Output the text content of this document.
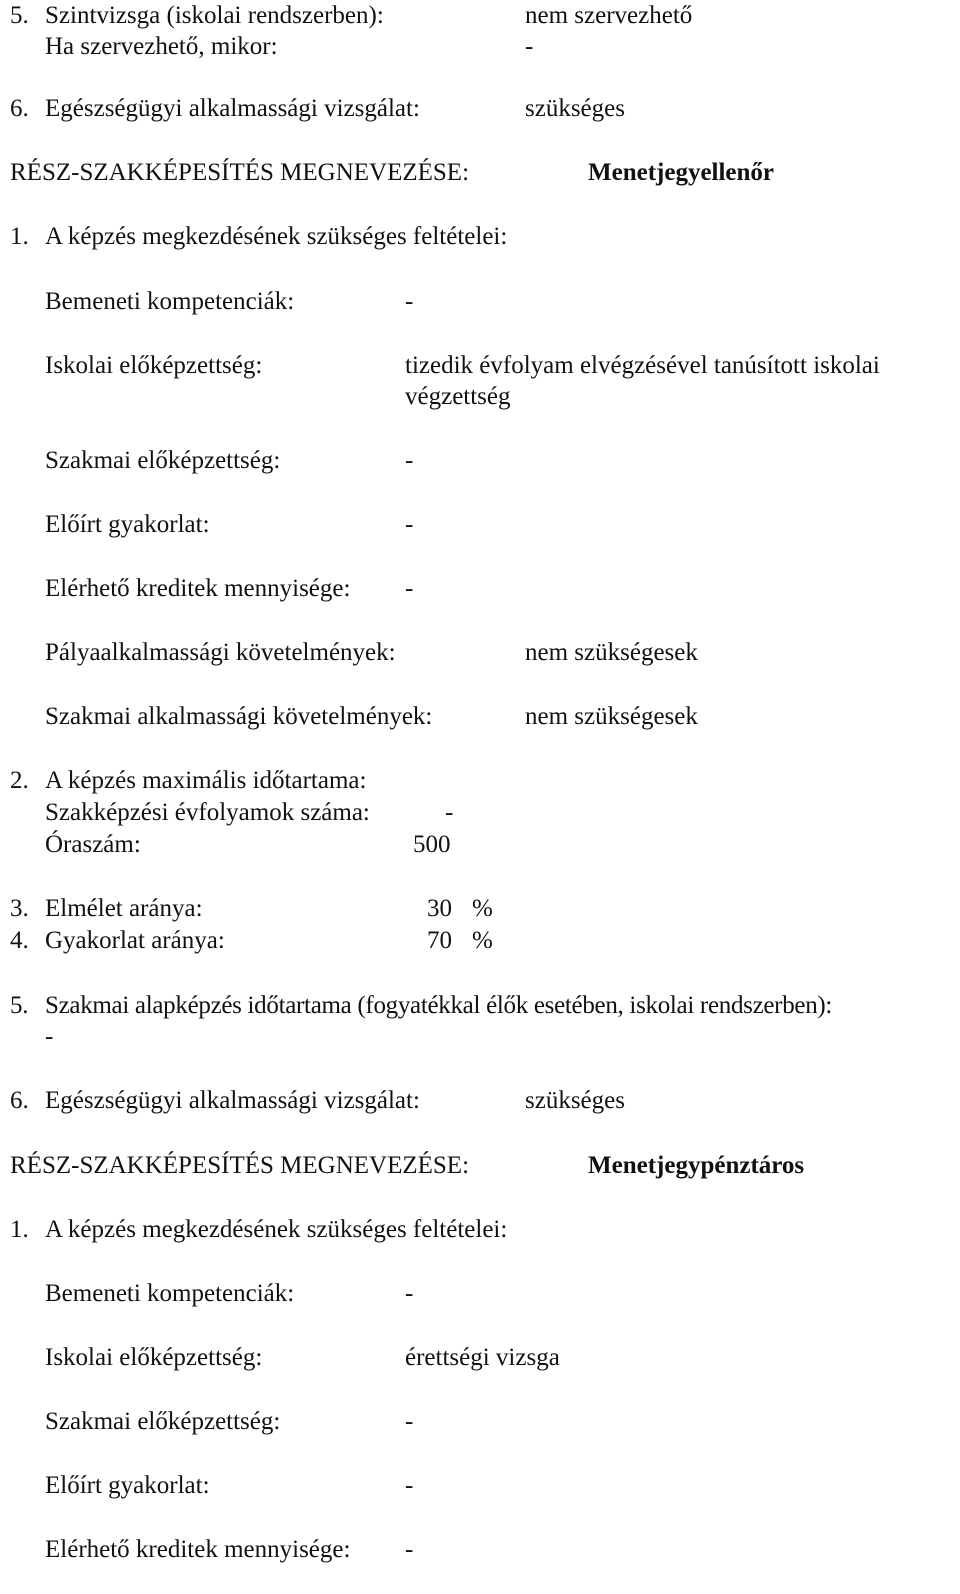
5. Szintvizsga (iskolai rendszerben):	nem szervezhető
Ha szervezhető, mikor:	-
6. Egészségügyi alkalmassági vizsgálat:	szükséges
RÉSZ-SZAKKÉPESÍTÉS MEGNEVEZÉSE:	Menetjegyellenőr
1. A képzés megkezdésének szükséges feltételei:
Bemeneti kompetenciák:	-
Iskolai előképzettség:	tizedik évfolyam elvégzésével tanúsított iskolai
végzettség
Szakmai előképzettség:	-
Előírt gyakorlat:	-
Elérhető kreditek mennyisége: -
Pályaalkalmassági követelmények:	nem szükségesek
Szakmai alkalmassági követelmények:	nem szükségesek
2. A képzés maximális időtartama:
Szakképzési évfolyamok száma:	-
Óraszám:	500
3. Elmélet aránya:	30 %
4. Gyakorlat aránya:	70 %
5. Szakmai alapképzés időtartama (fogyatékkal élők esetében, iskolai rendszerben):
-
6. Egészségügyi alkalmassági vizsgálat:	szükséges
RÉSZ-SZAKKÉPESÍTÉS MEGNEVEZÉSE:	Menetjegypénztáros
1. A képzés megkezdésének szükséges feltételei:
Bemeneti kompetenciák:	-
Iskolai előképzettség:	érettségi vizsga
Szakmai előképzettség:	-
Előírt gyakorlat:	-
Elérhető kreditek mennyisége: -
